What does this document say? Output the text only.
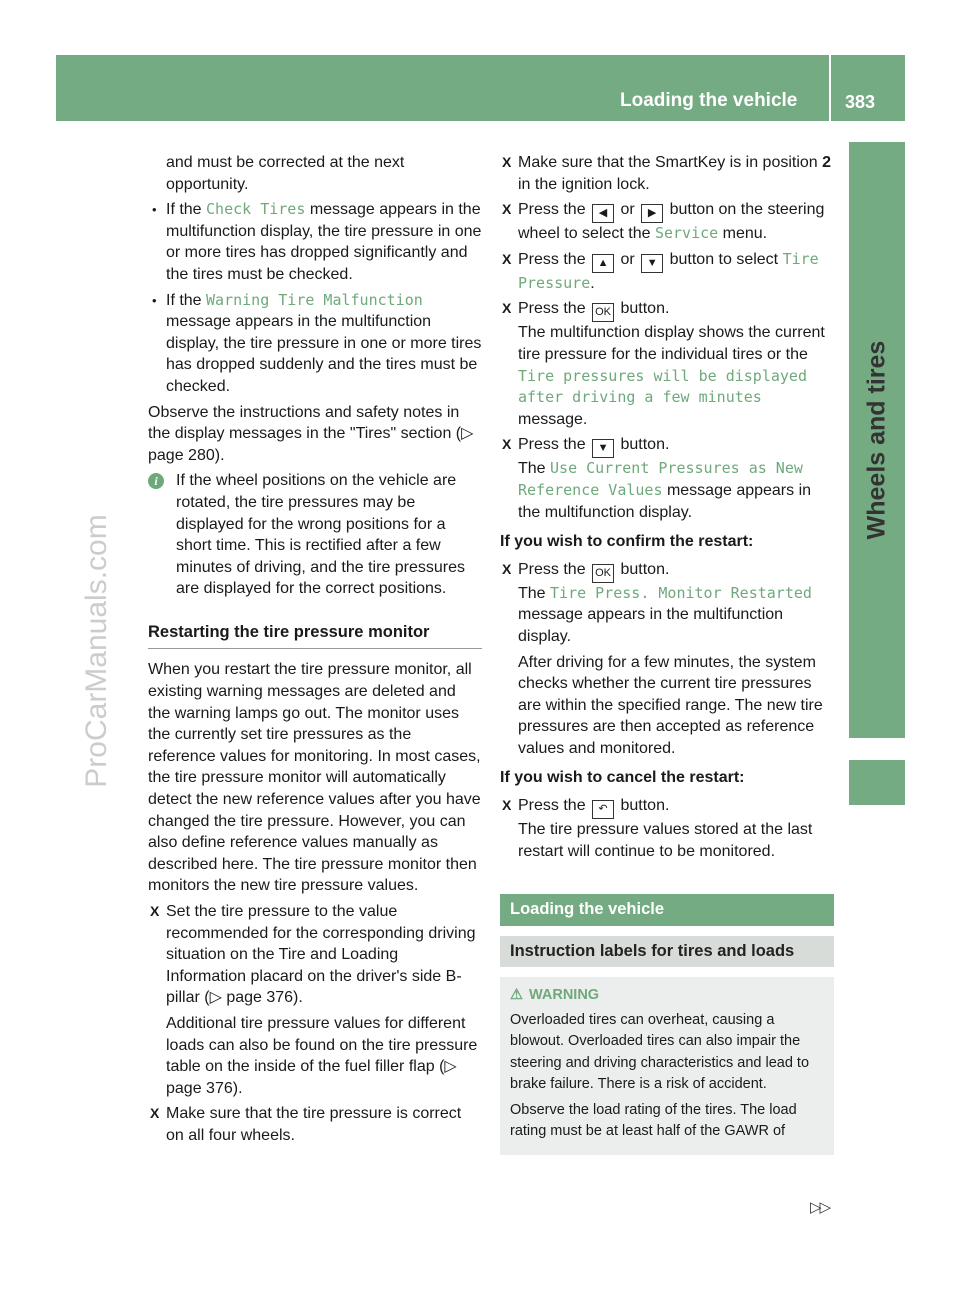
Loading the vehicle	383
Wheels and tires
ProCarManuals.com

and must be corrected at the next opportunity.

• If the Check Tires message appears in the multifunction display, the tire pressure in one or more tires has dropped significantly and the tires must be checked.

• If the Warning Tire Malfunction message appears in the multifunction display, the tire pressure in one or more tires has dropped suddenly and the tires must be checked.

Observe the instructions and safety notes in the display messages in the "Tires" section (▷ page 280).

i	If the wheel positions on the vehicle are rotated, the tire pressures may be displayed for the wrong positions for a short time. This is rectified after a few minutes of driving, and the tire pressures are displayed for the correct positions.

Restarting the tire pressure monitor

When you restart the tire pressure monitor, all existing warning messages are deleted and the warning lamps go out. The monitor uses the currently set tire pressures as the reference values for monitoring. In most cases, the tire pressure monitor will automatically detect the new reference values after you have changed the tire pressure. However, you can also define reference values manually as described here. The tire pressure monitor then monitors the new tire pressure values.

X Set the tire pressure to the value recommended for the corresponding driving situation on the Tire and Loading Information placard on the driver's side B-pillar (▷ page 376).

Additional tire pressure values for different loads can also be found on the tire pressure table on the inside of the fuel filler flap (▷ page 376).

X Make sure that the tire pressure is correct on all four wheels.

X Make sure that the SmartKey is in position 2 in the ignition lock.

X Press the ◀ or ▶ button on the steering wheel to select the Service menu.

X Press the ▲ or ▼ button to select Tire Pressure.

X Press the OK button.
The multifunction display shows the current tire pressure for the individual tires or the Tire pressures will be displayed after driving a few minutes message.

X Press the ▼ button.
The Use Current Pressures as New Reference Values message appears in the multifunction display.

If you wish to confirm the restart:

X Press the OK button.
The Tire Press. Monitor Restarted message appears in the multifunction display.

After driving for a few minutes, the system checks whether the current tire pressures are within the specified range. The new tire pressures are then accepted as reference values and monitored.

If you wish to cancel the restart:

X Press the ↶ button.
The tire pressure values stored at the last restart will continue to be monitored.

Loading the vehicle
Instruction labels for tires and loads
⚠ WARNING

Overloaded tires can overheat, causing a blowout. Overloaded tires can also impair the steering and driving characteristics and lead to brake failure. There is a risk of accident.

Observe the load rating of the tires. The load rating must be at least half of the GAWR of

▷▷
